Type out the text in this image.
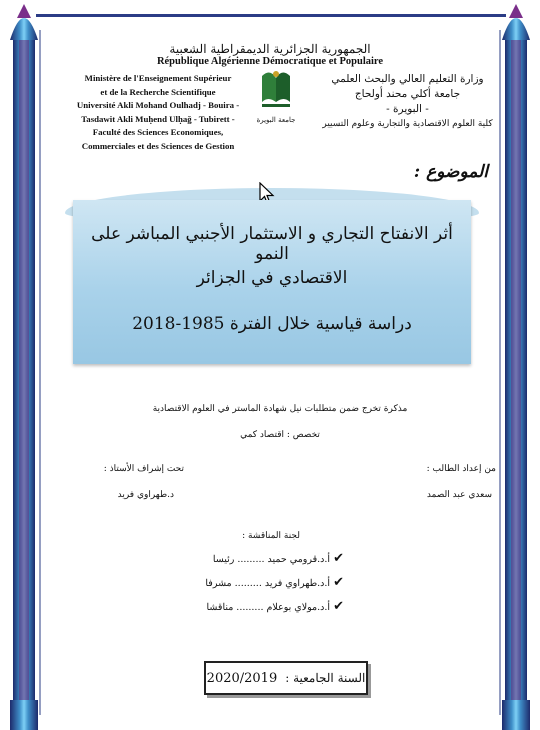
الجمهورية الجزائرية الديمقراطية الشعبية
République Algérienne Démocratique et Populaire
Ministère de l'Enseignement Supérieur
et de la Recherche Scientifique
Université Akli Mohand Oulhadj - Bouira -
Tasdawit Akli Muḥend Ulḥağ - Tubirett -
Faculté des Sciences Economiques,
Commerciales et des Sciences de Gestion
جامعة البويرة
وزارة التعليم العالي والبحث العلمي
جامعة أكلي محند أولحاج
- البويرة -
كلية العلوم الاقتصادية والتجارية وعلوم التسيير
الموضوع :
أثر الانفتاح التجاري و الاستثمار الأجنبي المباشر على النمو
الاقتصادي في الجزائر
دراسة قياسية خلال الفترة 1985-2018
مذكرة تخرج ضمن متطلبات نيل شهادة الماستر في العلوم الاقتصادية
تخصص : اقتصاد كمي
من إعداد الطالب :
سعدي عبد الصمد
تحت إشراف الأستاذ :
د.طهراوي فريد
لجنة المناقشة :
✔ أ.د.قرومي حميد ......... رئيسا
✔ أ.د.طهراوي فريد ......... مشرفا
✔ أ.د.مولاي بوعلام ......... مناقشا
السنة الجامعية :
2020/2019
